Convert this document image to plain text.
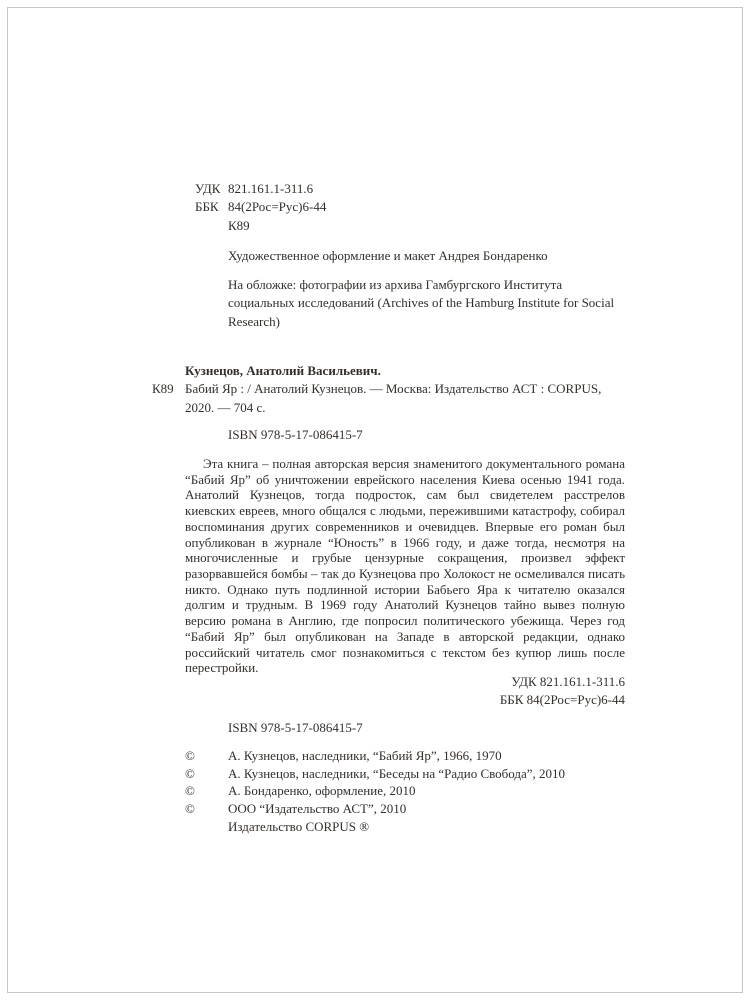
УДК 821.161.1-311.6
ББК 84(2Рос=Рус)6-44
К89
Художественное оформление и макет Андрея Бондаренко
На обложке: фотографии из архива Гамбургского Института социальных исследований (Archives of the Hamburg Institute for Social Research)
Кузнецов, Анатолий Васильевич.
К89 Бабий Яр : / Анатолий Кузнецов. — Москва: Издательство АСТ : CORPUS, 2020. — 704 с.
ISBN 978-5-17-086415-7

Эта книга – полная авторская версия знаменитого документального романа “Бабий Яр” об уничтожении еврейского населения Киева осенью 1941 года. Анатолий Кузнецов, тогда подросток, сам был свидетелем расстрелов киевских евреев, много общался с людьми, пережившими катастрофу, собирал воспоминания других современников и очевидцев. Впервые его роман был опубликован в журнале “Юность” в 1966 году, и даже тогда, несмотря на многочисленные и грубые цензурные сокращения, произвел эффект разорвавшейся бомбы – так до Кузнецова про Холокост не осмеливался писать никто. Однако путь подлинной истории Бабьего Яра к читателю оказался долгим и трудным. В 1969 году Анатолий Кузнецов тайно вывез полную версию романа в Англию, где попросил политического убежища. Через год “Бабий Яр” был опубликован на Западе в авторской редакции, однако российский читатель смог познакомиться с текстом без купюр лишь после перестройки.

УДК 821.161.1-311.6
ББК 84(2Рос=Рус)6-44
ISBN 978-5-17-086415-7
©	А. Кузнецов, наследники, “Бабий Яр”, 1966, 1970
©	А. Кузнецов, наследники, “Беседы на “Радио Свобода”, 2010
©	А. Бондаренко, оформление, 2010
©	ООО “Издательство АСТ”, 2010
Издательство CORPUS ®
